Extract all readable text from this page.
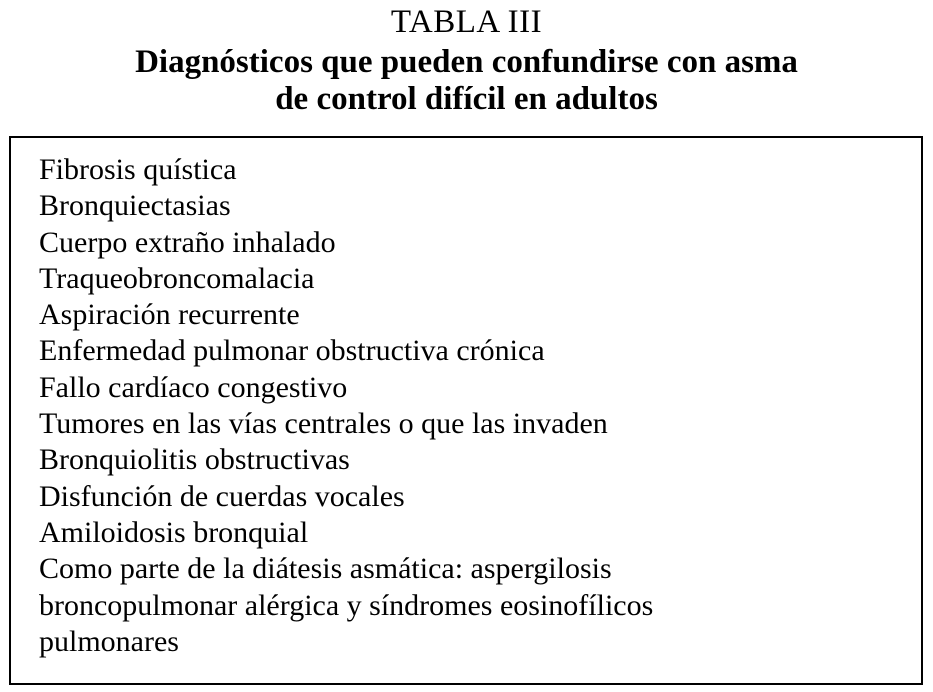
TABLA III
Diagnósticos que pueden confundirse con asma
de control difícil en adultos
Fibrosis quística
Bronquiectasias
Cuerpo extraño inhalado
Traqueobroncomalacia
Aspiración recurrente
Enfermedad pulmonar obstructiva crónica
Fallo cardíaco congestivo
Tumores en las vías centrales o que las invaden
Bronquiolitis obstructivas
Disfunción de cuerdas vocales
Amiloidosis bronquial
Como parte de la diátesis asmática: aspergilosis
broncopulmonar alérgica y síndromes eosinofílicos
pulmonares
